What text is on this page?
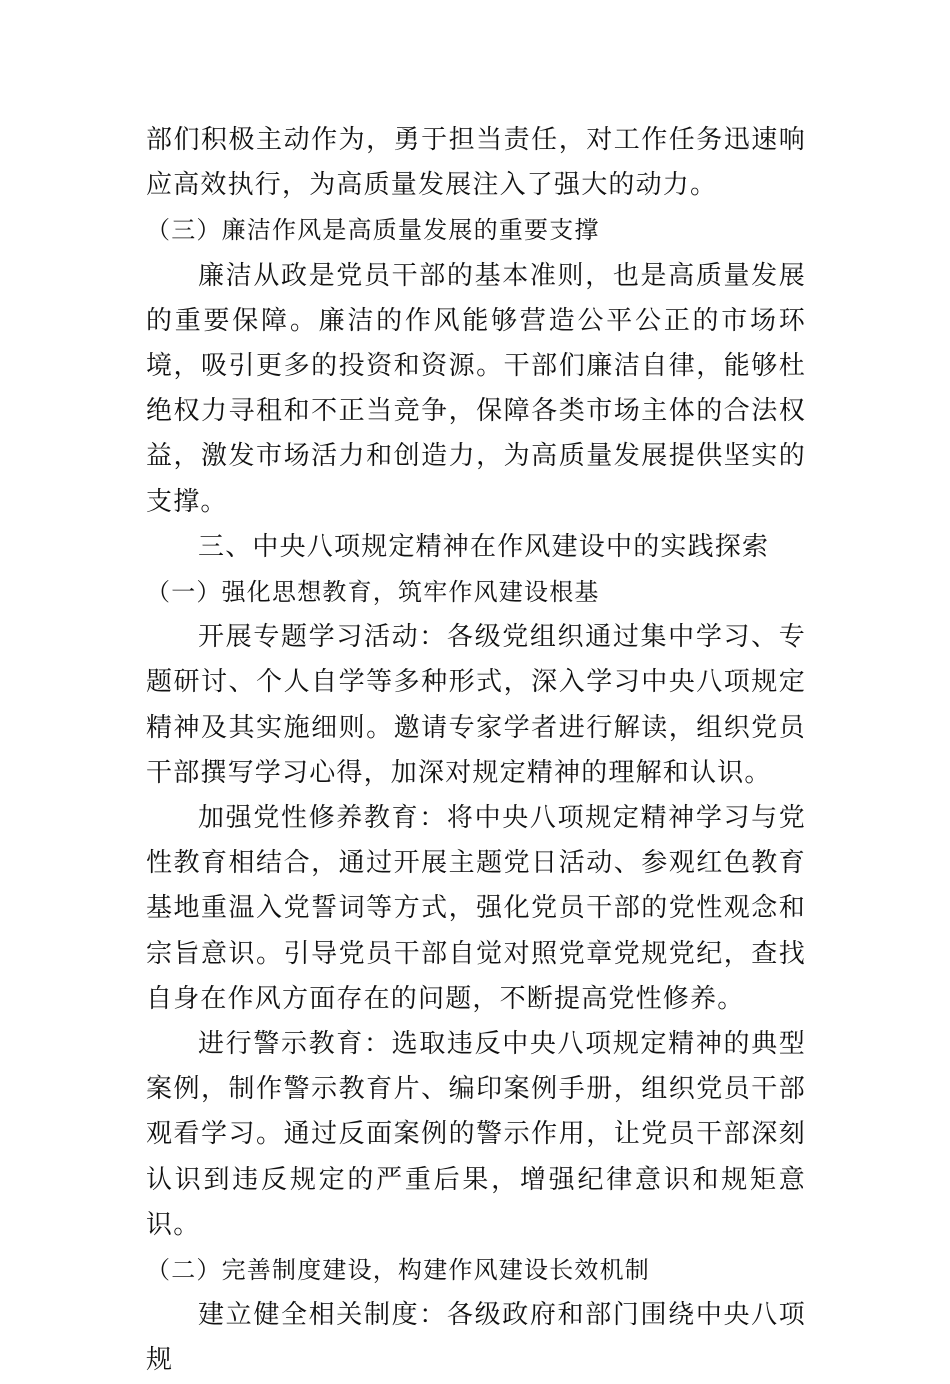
部们积极主动作为，勇于担当责任，对工作任务迅速响应高效执行，为高质量发展注入了强大的动力。

（三）廉洁作风是高质量发展的重要支撑

廉洁从政是党员干部的基本准则，也是高质量发展的重要保障。廉洁的作风能够营造公平公正的市场环境，吸引更多的投资和资源。干部们廉洁自律，能够杜绝权力寻租和不正当竞争，保障各类市场主体的合法权益，激发市场活力和创造力，为高质量发展提供坚实的支撑。

三、中央八项规定精神在作风建设中的实践探索

（一）强化思想教育，筑牢作风建设根基

开展专题学习活动：各级党组织通过集中学习、专题研讨、个人自学等多种形式，深入学习中央八项规定精神及其实施细则。邀请专家学者进行解读，组织党员干部撰写学习心得，加深对规定精神的理解和认识。

加强党性修养教育：将中央八项规定精神学习与党性教育相结合，通过开展主题党日活动、参观红色教育基地重温入党誓词等方式，强化党员干部的党性观念和宗旨意识。引导党员干部自觉对照党章党规党纪，查找自身在作风方面存在的问题，不断提高党性修养。

进行警示教育：选取违反中央八项规定精神的典型案例，制作警示教育片、编印案例手册，组织党员干部观看学习。通过反面案例的警示作用，让党员干部深刻认识到违反规定的严重后果，增强纪律意识和规矩意识。

（二）完善制度建设，构建作风建设长效机制

建立健全相关制度：各级政府和部门围绕中央八项规
